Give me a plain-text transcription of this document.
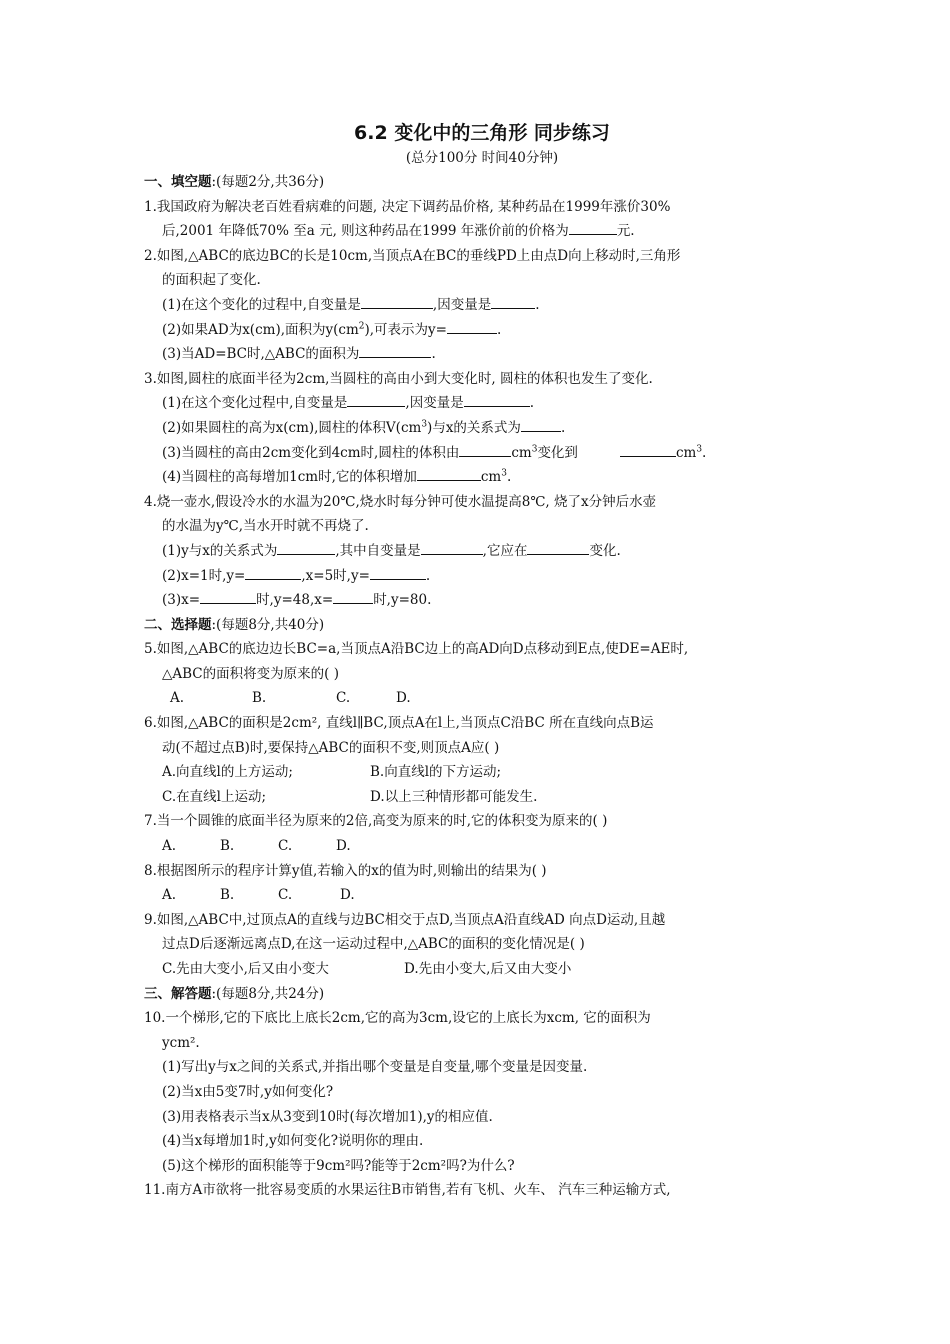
6.2 变化中的三角形 同步练习
(总分100分 时间40分钟)
一、填空题:(每题2分,共36分)
1.我国政府为解决老百姓看病难的问题, 决定下调药品价格, 某种药品在1999年涨价30%
后,2001 年降低70% 至a 元, 则这种药品在1999 年涨价前的价格为	元.
2.如图,△ABC的底边BC的长是10cm,当顶点A在BC的垂线PD上由点D向上移动时,三角形
的面积起了变化.
(1)在这个变化的过程中,自变量是	,因变量是	.
(2)如果AD为x(cm),面积为$y(cm^2)$,可表示为y=	.
(3)当AD=BC时,△ABC的面积为	.
3.如图,圆柱的底面半径为2cm,当圆柱的高由小到大变化时, 圆柱的体积也发生了变化.
(1)在这个变化过程中,自变量是	,因变量是	.
(2)如果圆柱的高为x(cm),圆柱的体积$V(cm^3)$与x的关系式为	.
(3)当圆柱的高由2cm变化到4cm时,圆柱的体积由	$cm^3$变化到	$cm^3$.
(4)当圆柱的高每增加1cm时,它的体积增加	$cm^3$.
4.烧一壶水,假设冷水的水温为20℃,烧水时每分钟可使水温提高8℃, 烧了x分钟后水壶
的水温为y℃,当水开时就不再烧了.
(1)y与x的关系式为	,其中自变量是	,它应在	变化.
(2)x=1时,y=	,x=5时,y=	.
(3)x=	时,y=48,x=	时,y=80.
二、选择题:(每题8分,共40分)
5.如图,△ABC的底边边长BC=a,当顶点A沿BC边上的高AD向D点移动到E点,使DE=AE时,
△ABC的面积将变为原来的( )
A.	B.	C.	D.
6.如图,△ABC的面积是2cm², 直线l∥BC,顶点A在l上,当顶点C沿BC 所在直线向点B运
动(不超过点B)时,要保持△ABC的面积不变,则顶点A应( )
A.向直线l的上方运动;	B.向直线l的下方运动;
C.在直线l上运动;	D.以上三种情形都可能发生.
7.当一个圆锥的底面半径为原来的2倍,高变为原来的时,它的体积变为原来的( )
A.	B.	C.	D.
8.根据图所示的程序计算y值,若输入的x的值为时,则输出的结果为( )
A.	B.	C.	D.
9.如图,△ABC中,过顶点A的直线与边BC相交于点D,当顶点A沿直线AD 向点D运动,且越
过点D后逐渐远离点D,在这一运动过程中,△ABC的面积的变化情况是( )
C.先由大变小,后又由小变大	D.先由小变大,后又由大变小
三、解答题:(每题8分,共24分)
10.一个梯形,它的下底比上底长2cm,它的高为3cm,设它的上底长为xcm, 它的面积为
ycm².
(1)写出y与x之间的关系式,并指出哪个变量是自变量,哪个变量是因变量.
(2)当x由5变7时,y如何变化?
(3)用表格表示当x从3变到10时(每次增加1),y的相应值.
(4)当x每增加1时,y如何变化?说明你的理由.
(5)这个梯形的面积能等于9cm²吗?能等于2cm²吗?为什么?
11.南方A市欲将一批容易变质的水果运往B市销售,若有飞机、火车、 汽车三种运输方式,
